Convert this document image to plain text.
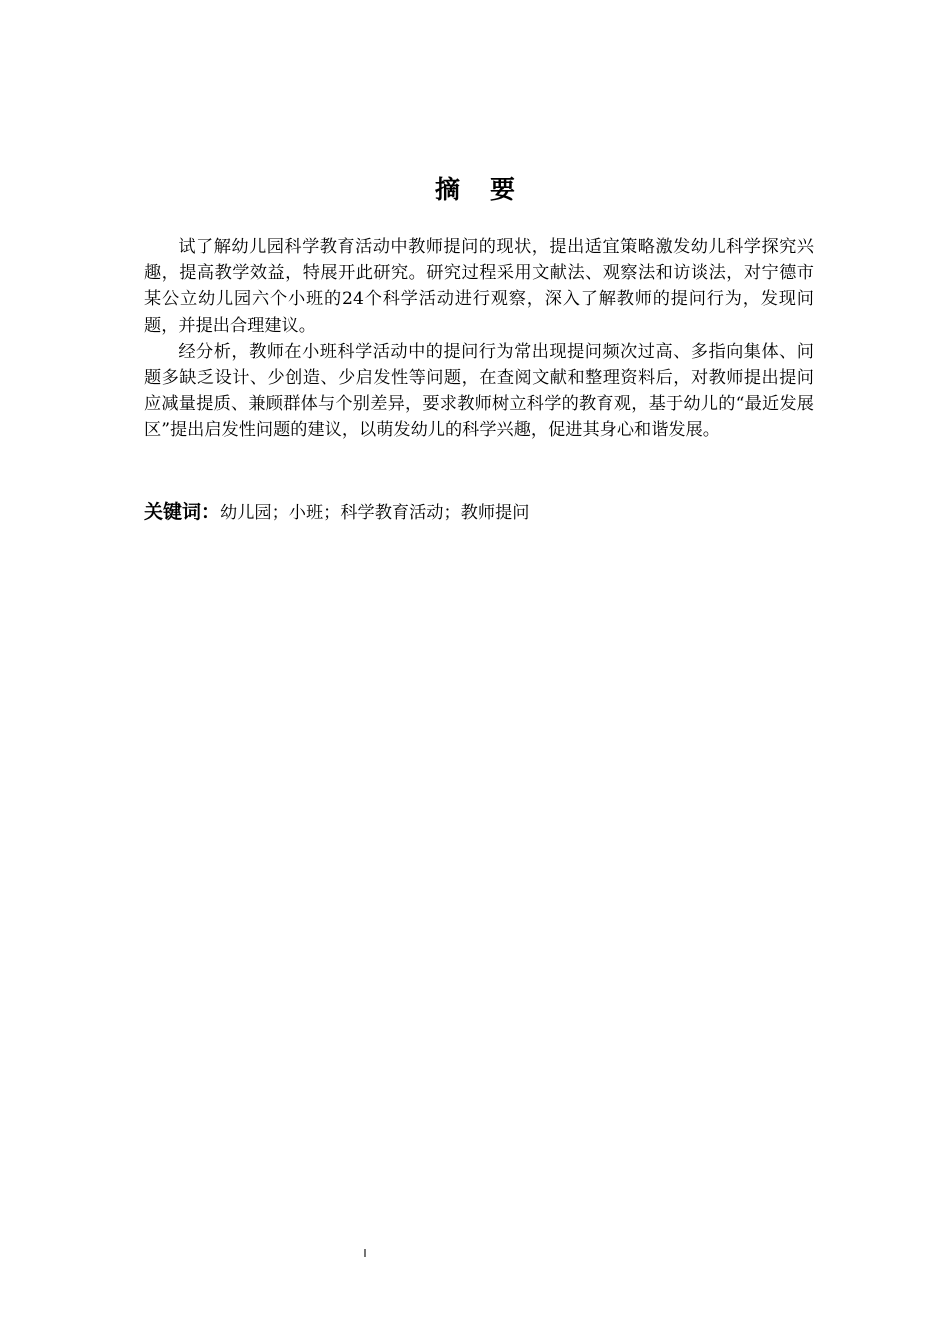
摘要

试了解幼儿园科学教育活动中教师提问的现状，提出适宜策略激发幼儿科学探究兴趣，提高教学效益，特展开此研究。研究过程采用文献法、观察法和访谈法，对宁德市某公立幼儿园六个小班的24个科学活动进行观察，深入了解教师的提问行为，发现问题，并提出合理建议。

经分析，教师在小班科学活动中的提问行为常出现提问频次过高、多指向集体、问题多缺乏设计、少创造、少启发性等问题，在查阅文献和整理资料后，对教师提出提问应减量提质、兼顾群体与个别差异，要求教师树立科学的教育观，基于幼儿的“最近发展区”提出启发性问题的建议，以萌发幼儿的科学兴趣，促进其身心和谐发展。

关键词：幼儿园；小班；科学教育活动；教师提问
I
